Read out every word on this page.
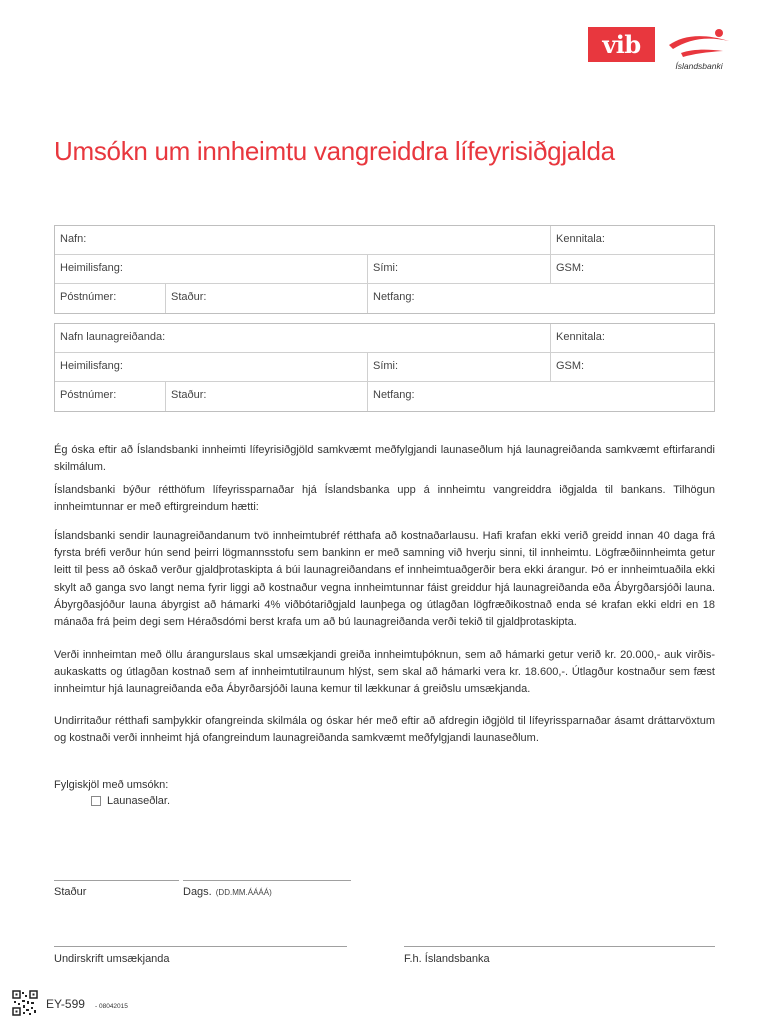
vib
Íslandsbanki
Umsókn um innheimtu vangreiddra lífeyrisiðgjalda
Nafn:	Kennitala:
Heimilisfang:	Sími:	GSM:
Póstnúmer:	Staður:	Netfang:
Nafn launagreiðanda:	Kennitala:
Heimilisfang:	Sími:	GSM:
Póstnúmer:	Staður:	Netfang:

Ég óska eftir að Íslandsbanki innheimti lífeyrisiðgjöld samkvæmt meðfylgjandi launaseðlum hjá launagreiðanda samkvæmt eftirfarandi skilmálum.

Íslandsbanki býður rétthöfum lífeyrissparnaðar hjá Íslandsbanka upp á innheimtu vangreiddra iðgjalda til bankans. Tilhögun innheimtunnar er með eftirgreindum hætti:

Íslandsbanki sendir launagreiðandanum tvö innheimtubréf rétthafa að kostnaðarlausu. Hafi krafan ekki verið greidd innan 40 daga frá fyrsta bréfi verður hún send þeirri lögmannsstofu sem bankinn er með samning við hverju sinni, til innheimtu. Lögfræðiinnheimta getur leitt til þess að óskað verður gjaldþrotaskipta á búi launagreiðandans ef innheimtuaðgerðir bera ekki árangur. Þó er innheimtuaðila ekki skylt að ganga svo langt nema fyrir liggi að kostnaður vegna innheimtunnar fáist greiddur hjá launagreiðanda eða Ábyrgðarsjóði launa. Ábyrgðasjóður launa ábyrgist að hámarki 4% viðbótariðgjald launþega og útlagðan lögfræðikostnað enda sé krafan ekki eldri en 18 mánaða frá þeim degi sem Héraðsdómi berst krafa um að bú launagreiðanda verði tekið til gjaldþrotaskipta.

Verði innheimtan með öllu árangurslaus skal umsækjandi greiða innheimtuþóknun, sem að hámarki getur verið kr. 20.000,- auk virðis-aukaskatts og útlagðan kostnað sem af innheimtutilraunum hlýst, sem skal að hámarki vera kr. 18.600,-. Útlagður kostnaður sem fæst innheimtur hjá launagreiðanda eða Ábyrðarsjóði launa kemur til lækkunar á greiðslu umsækjanda.

Undirritaður rétthafi samþykkir ofangreinda skilmála og óskar hér með eftir að afdregin iðgjöld til lífeyrissparnaðar ásamt dráttarvöxtum og kostnaði verði innheimt hjá ofangreindum launagreiðanda samkvæmt meðfylgjandi launaseðlum.

Fylgiskjöl með umsókn:
Launaseðlar.
Staður	Dags. (DD.MM.ÁÁÁÁ)
Undirskrift umsækjanda	F.h. Íslandsbanka
EY-599 - 08042015
